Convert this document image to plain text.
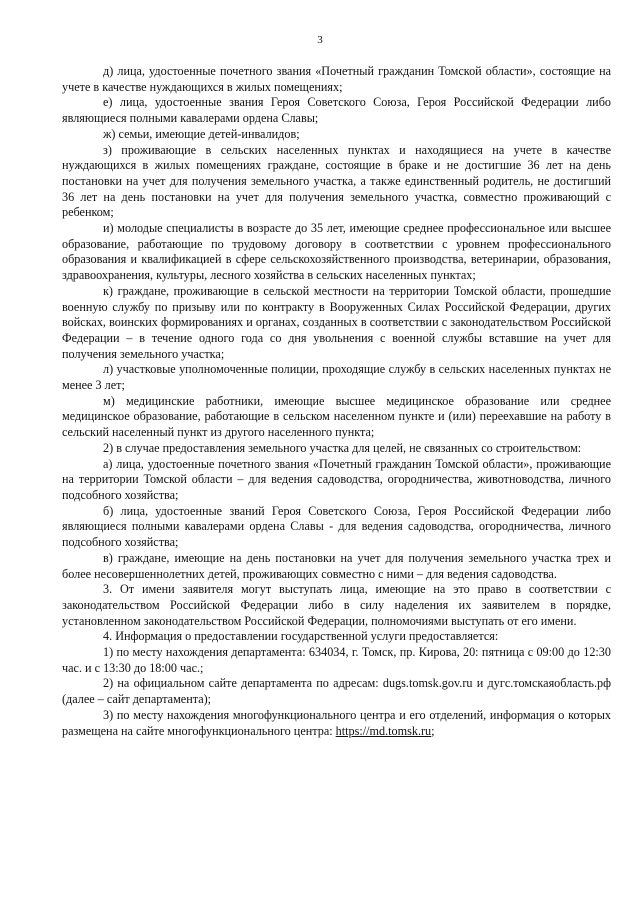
3

д) лица, удостоенные почетного звания «Почетный гражданин Томской области», состоящие на учете в качестве нуждающихся в жилых помещениях;

е) лица, удостоенные звания Героя Советского Союза, Героя Российской Федерации либо являющиеся полными кавалерами ордена Славы;

ж) семьи, имеющие детей-инвалидов;

з) проживающие в сельских населенных пунктах и находящиеся на учете в качестве нуждающихся в жилых помещениях граждане, состоящие в браке и не достигшие 36 лет на день постановки на учет для получения земельного участка, а также единственный родитель, не достигший 36 лет на день постановки на учет для получения земельного участка, совместно проживающий с ребенком;

и) молодые специалисты в возрасте до 35 лет, имеющие среднее профессиональное или высшее образование, работающие по трудовому договору в соответствии с уровнем профессионального образования и квалификацией в сфере сельскохозяйственного производства, ветеринарии, образования, здравоохранения, культуры, лесного хозяйства в сельских населенных пунктах;

к) граждане, проживающие в сельской местности на территории Томской области, прошедшие военную службу по призыву или по контракту в Вооруженных Силах Российской Федерации, других войсках, воинских формированиях и органах, созданных в соответствии с законодательством Российской Федерации – в течение одного года со дня увольнения с военной службы вставшие на учет для получения земельного участка;

л) участковые уполномоченные полиции, проходящие службу в сельских населенных пунктах не менее 3 лет;

м) медицинские работники, имеющие высшее медицинское образование или среднее медицинское образование, работающие в сельском населенном пункте и (или) переехавшие на работу в сельский населенный пункт из другого населенного пункта;

2) в случае предоставления земельного участка для целей, не связанных со строительством:

а) лица, удостоенные почетного звания «Почетный гражданин Томской области», проживающие на территории Томской области – для ведения садоводства, огородничества, животноводства, личного подсобного хозяйства;

б) лица, удостоенные званий Героя Советского Союза, Героя Российской Федерации либо являющиеся полными кавалерами ордена Славы - для ведения садоводства, огородничества, личного подсобного хозяйства;

в) граждане, имеющие на день постановки на учет для получения земельного участка трех и более несовершеннолетних детей, проживающих совместно с ними – для ведения садоводства.

3. От имени заявителя могут выступать лица, имеющие на это право в соответствии с законодательством Российской Федерации либо в силу наделения их заявителем в порядке, установленном законодательством Российской Федерации, полномочиями выступать от его имени.

4. Информация о предоставлении государственной услуги предоставляется:

1) по месту нахождения департамента: 634034, г. Томск, пр. Кирова, 20: пятница с 09:00 до 12:30 час. и с 13:30 до 18:00 час.;

2) на официальном сайте департамента по адресам: dugs.tomsk.gov.ru и дугс.томскаяобласть.рф (далее – сайт департамента);

3) по месту нахождения многофункционального центра и его отделений, информация о которых размещена на сайте многофункционального центра: https://md.tomsk.ru;
